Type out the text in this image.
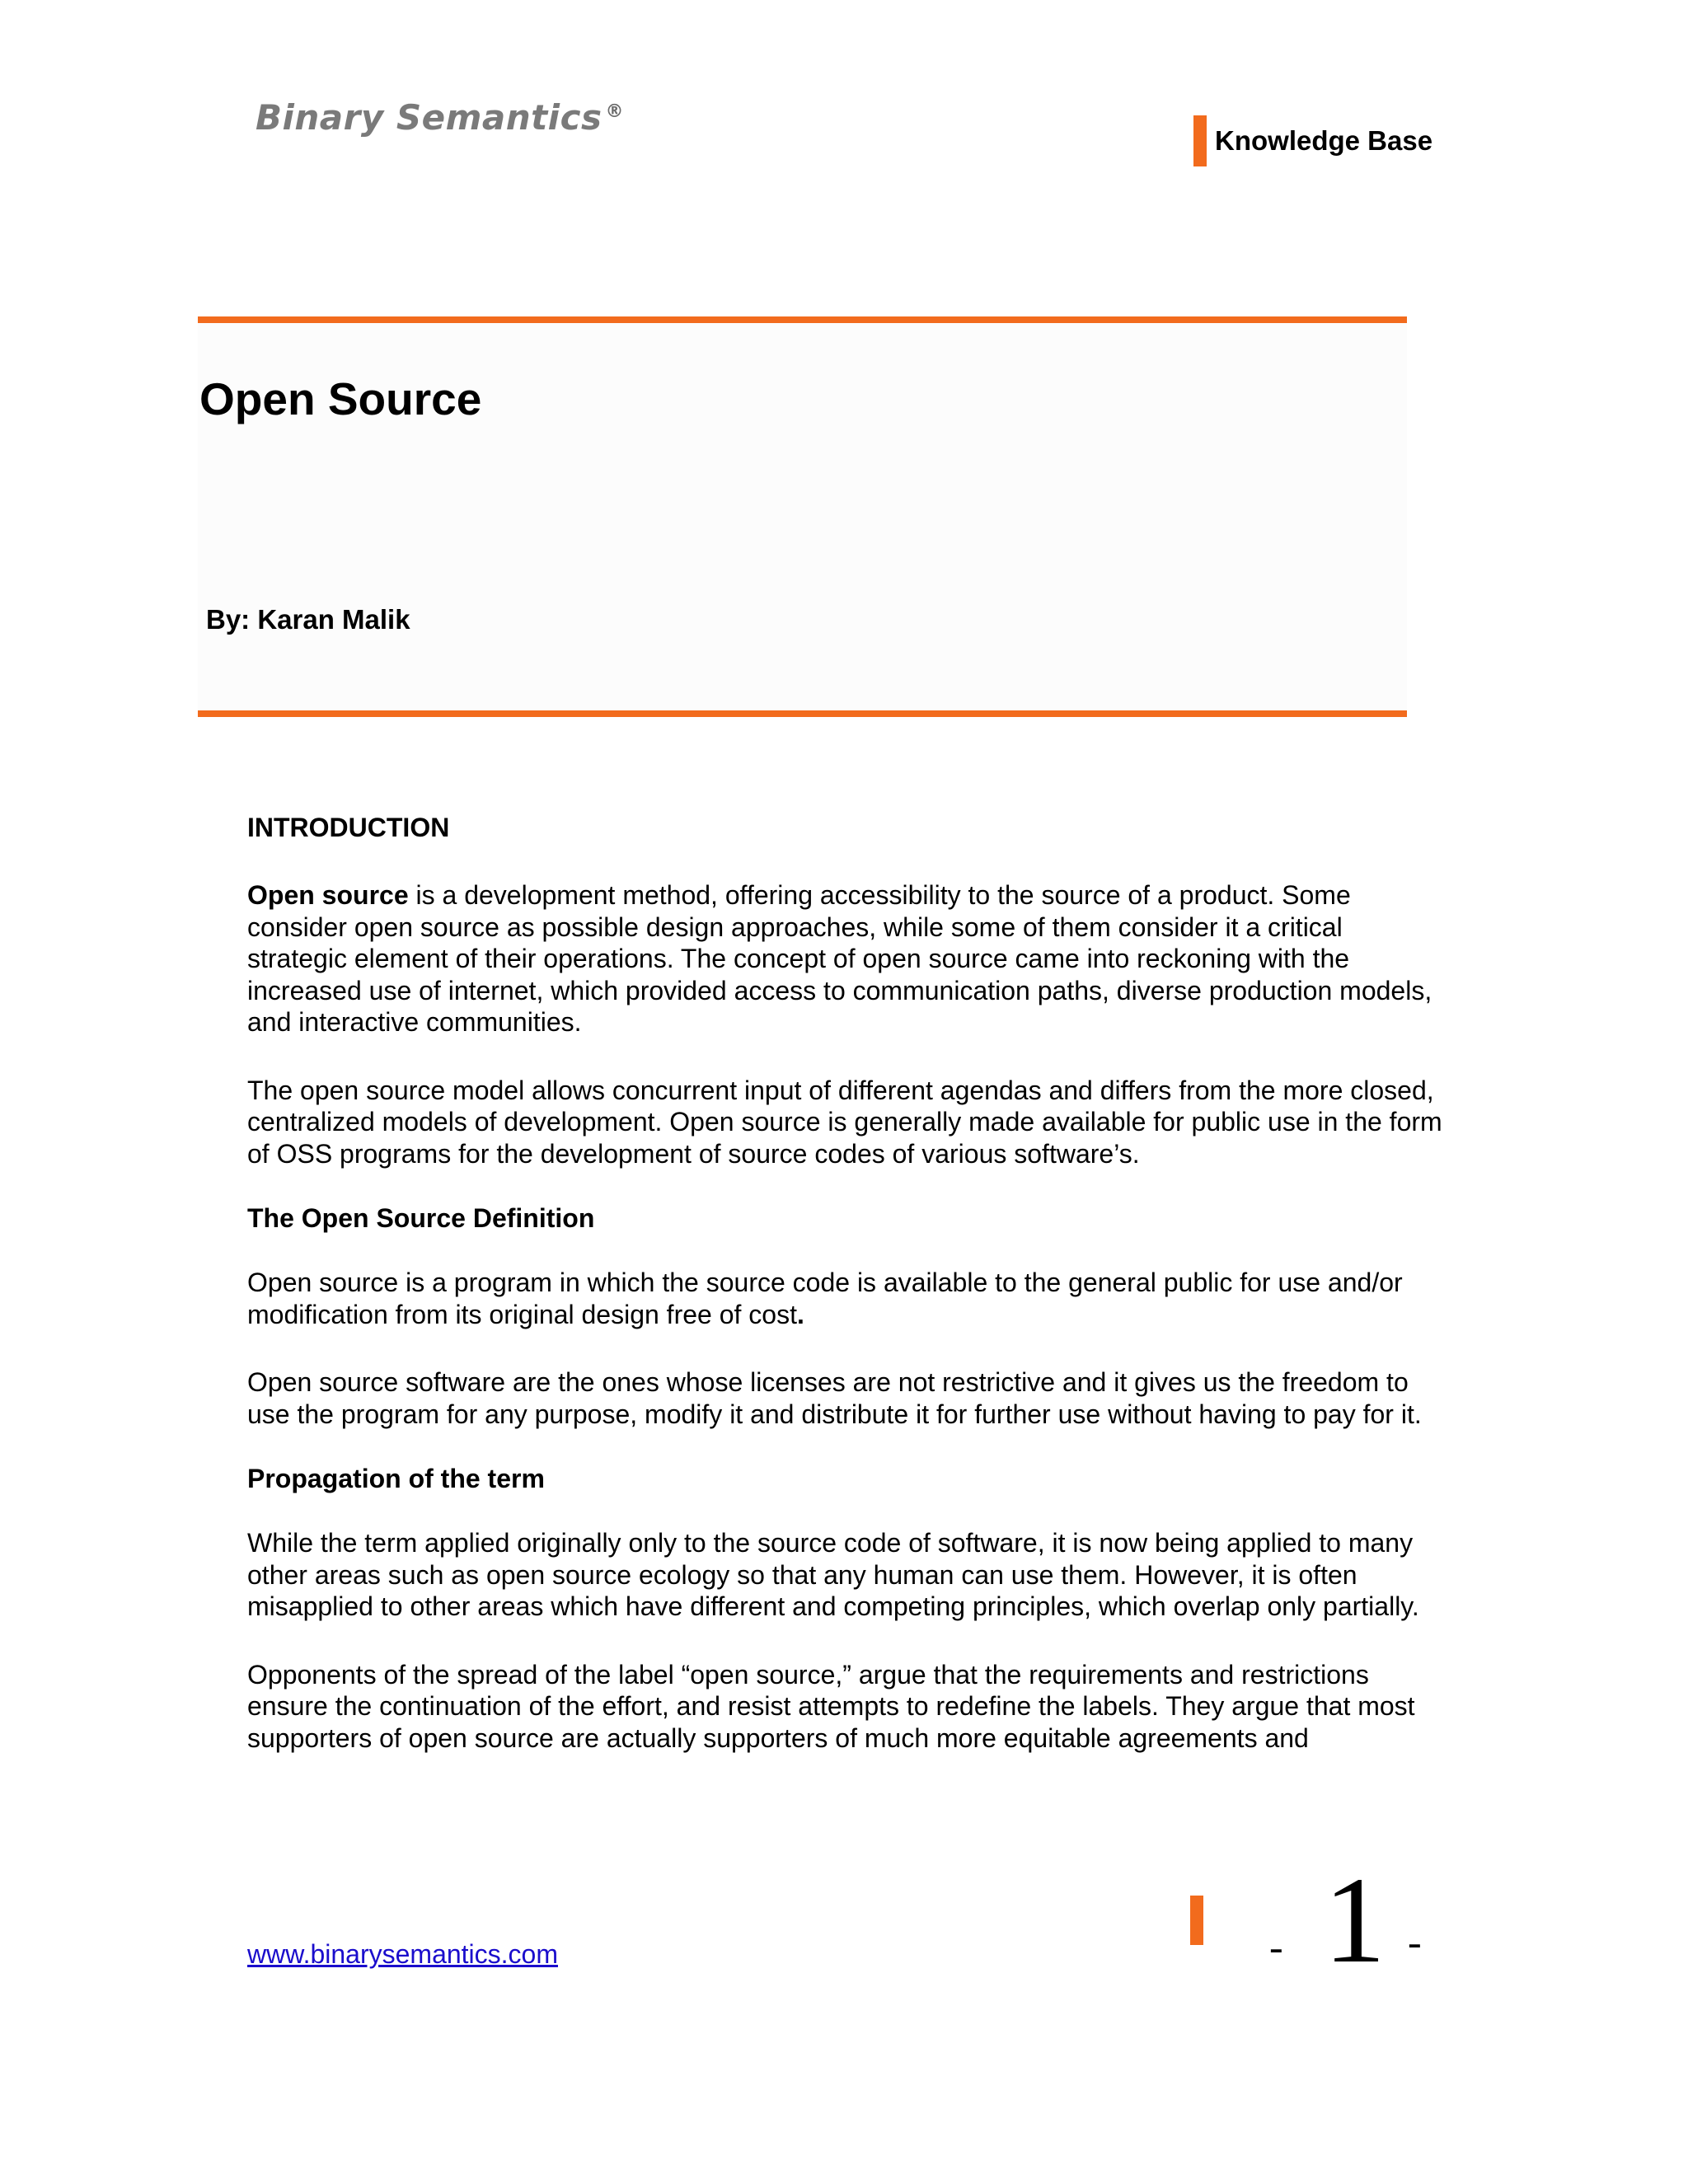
Binary Semantics ®
Knowledge Base
Open Source
By: Karan Malik
INTRODUCTION

Open source is a development method, offering accessibility to the source of a product. Some consider open source as possible design approaches, while some of them consider it a critical strategic element of their operations. The concept of open source came into reckoning with the increased use of internet, which provided access to communication paths, diverse production models, and interactive communities.

The open source model allows concurrent input of different agendas and differs from the more closed, centralized models of development. Open source is generally made available for public use in the form of OSS programs for the development of source codes of various software’s.

The Open Source Definition

Open source is a program in which the source code is available to the general public for use and/or modification from its original design free of cost.

Open source software are the ones whose licenses are not restrictive and it gives us the freedom to use the program for any purpose, modify it and distribute it for further use without having to pay for it.

Propagation of the term

While the term applied originally only to the source code of software, it is now being applied to many other areas such as open source ecology so that any human can use them. However, it is often misapplied to other areas which have different and competing principles, which overlap only partially.

Opponents of the spread of the label “open source,” argue that the requirements and restrictions ensure the continuation of the effort, and resist attempts to redefine the labels. They argue that most supporters of open source are actually supporters of much more equitable agreements and

www.binarysemantics.com	- 1 -
